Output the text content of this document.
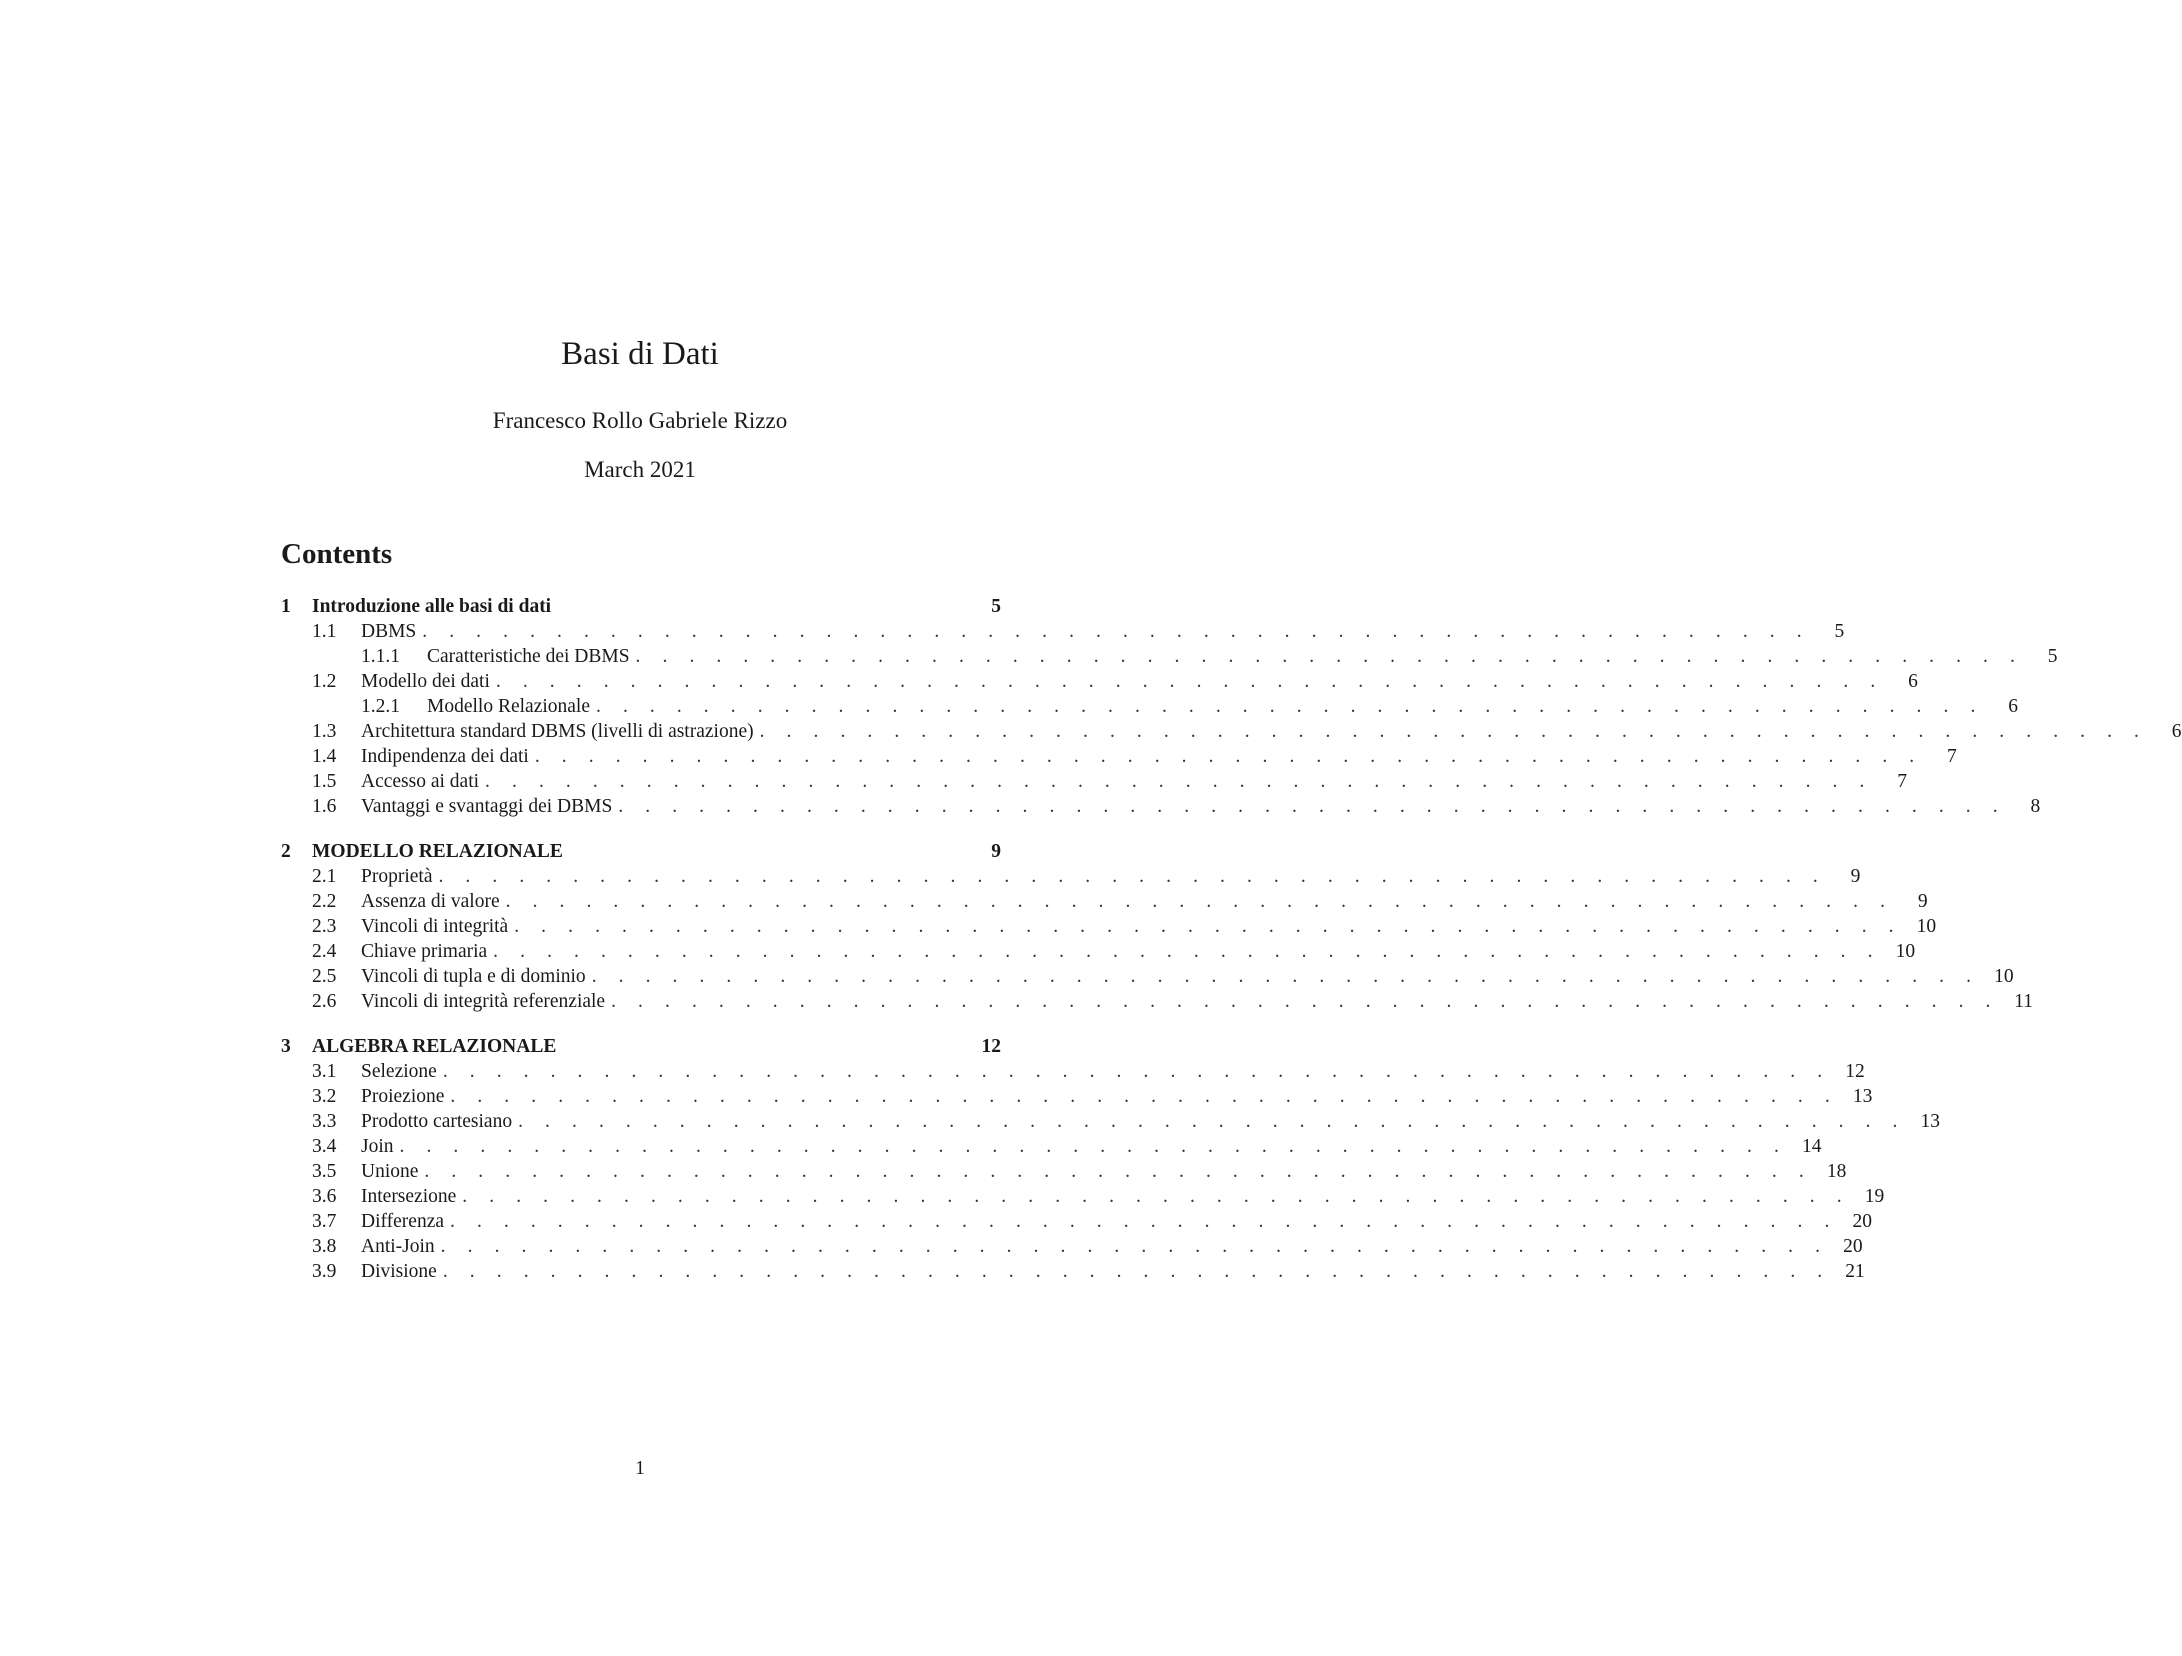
Basi di Dati
Francesco Rollo Gabriele Rizzo
March 2021
Contents
1	Introduzione alle basi di dati	5
1.1	DBMS . . . . . . . . . . . . . . . . . . . . . . . . . . . . . . . . . . . . . . . . . . . . . . . . . . . .	5
1.1.1	Caratteristiche dei DBMS . . . . . . . . . . . . . . . . . . . . . . . . . . . . . . . . . . . . . . . . . . . . . . . . . . . .	5
1.2	Modello dei dati . . . . . . . . . . . . . . . . . . . . . . . . . . . . . . . . . . . . . . . . . . . . . . . . . . . .	6
1.2.1	Modello Relazionale . . . . . . . . . . . . . . . . . . . . . . . . . . . . . . . . . . . . . . . . . . . . . . . . . . . .	6
1.3	Architettura standard DBMS (livelli di astrazione) . . . . . . . . . . . . . . . . . . . . . . . . . . . . . . . . . . . . . . . . . . . . . . . . . . . .	6
1.4	Indipendenza dei dati . . . . . . . . . . . . . . . . . . . . . . . . . . . . . . . . . . . . . . . . . . . . . . . . . . . .	7
1.5	Accesso ai dati . . . . . . . . . . . . . . . . . . . . . . . . . . . . . . . . . . . . . . . . . . . . . . . . . . . .	7
1.6	Vantaggi e svantaggi dei DBMS . . . . . . . . . . . . . . . . . . . . . . . . . . . . . . . . . . . . . . . . . . . . . . . . . . . .	8
2	MODELLO RELAZIONALE	9
2.1	Proprietà . . . . . . . . . . . . . . . . . . . . . . . . . . . . . . . . . . . . . . . . . . . . . . . . . . . .	9
2.2	Assenza di valore . . . . . . . . . . . . . . . . . . . . . . . . . . . . . . . . . . . . . . . . . . . . . . . . . . . .	9
2.3	Vincoli di integrità . . . . . . . . . . . . . . . . . . . . . . . . . . . . . . . . . . . . . . . . . . . . . . . . . . . . 10
2.4	Chiave primaria . . . . . . . . . . . . . . . . . . . . . . . . . . . . . . . . . . . . . . . . . . . . . . . . . . . . 10
2.5	Vincoli di tupla e di dominio . . . . . . . . . . . . . . . . . . . . . . . . . . . . . . . . . . . . . . . . . . . . . . . . . . . . 10
2.6	Vincoli di integrità referenziale . . . . . . . . . . . . . . . . . . . . . . . . . . . . . . . . . . . . . . . . . . . . . . . . . . . . 11
3	ALGEBRA RELAZIONALE	12
3.1	Selezione . . . . . . . . . . . . . . . . . . . . . . . . . . . . . . . . . . . . . . . . . . . . . . . . . . . . 12
3.2	Proiezione . . . . . . . . . . . . . . . . . . . . . . . . . . . . . . . . . . . . . . . . . . . . . . . . . . . . 13
3.3	Prodotto cartesiano . . . . . . . . . . . . . . . . . . . . . . . . . . . . . . . . . . . . . . . . . . . . . . . . . . . . 13
3.4	Join . . . . . . . . . . . . . . . . . . . . . . . . . . . . . . . . . . . . . . . . . . . . . . . . . . . . 14
3.5	Unione . . . . . . . . . . . . . . . . . . . . . . . . . . . . . . . . . . . . . . . . . . . . . . . . . . . . 18
3.6	Intersezione . . . . . . . . . . . . . . . . . . . . . . . . . . . . . . . . . . . . . . . . . . . . . . . . . . . . 19
3.7	Differenza . . . . . . . . . . . . . . . . . . . . . . . . . . . . . . . . . . . . . . . . . . . . . . . . . . . . 20
3.8	Anti-Join . . . . . . . . . . . . . . . . . . . . . . . . . . . . . . . . . . . . . . . . . . . . . . . . . . . . 20
3.9	Divisione . . . . . . . . . . . . . . . . . . . . . . . . . . . . . . . . . . . . . . . . . . . . . . . . . . . . 21
1
